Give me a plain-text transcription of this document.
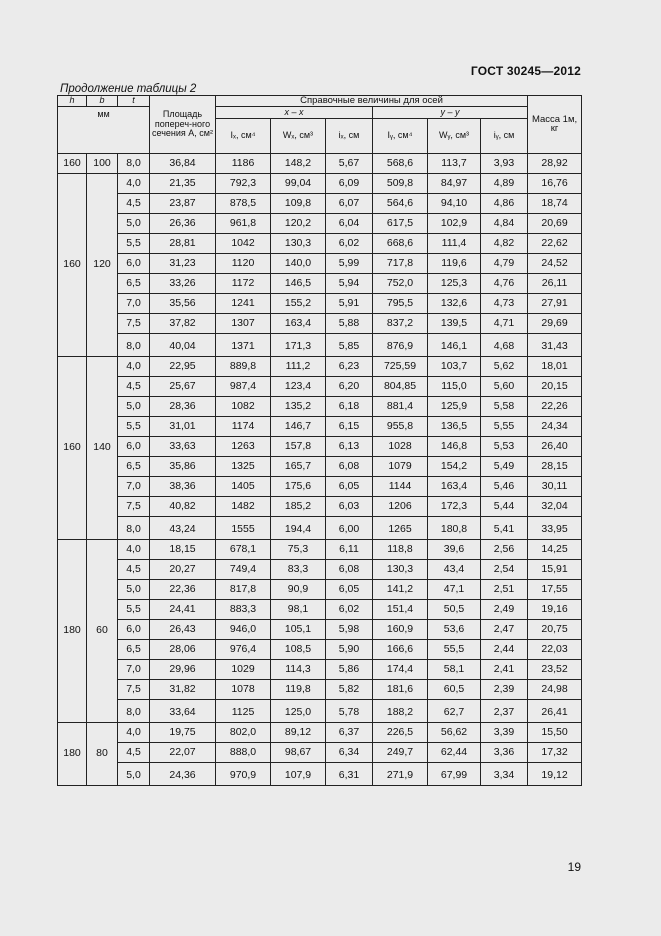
ГОСТ 30245—2012
Продолжение таблицы 2
h	b	t	Площадь попереч-ного сечения A, см²	Справочные величины для осей						Масса 1м, кг
мм				x – x			y – y			
				Iₓ, см⁴	Wₓ, см³	iₓ, см	Iᵧ, см⁴	Wᵧ, см³	iᵧ, см	
160	100	8,0	36,84	1186	148,2	5,67	568,6	113,7	3,93	28,92
160	120	4,0	21,35	792,3	99,04	6,09	509,8	84,97	4,89	16,76
		4,5	23,87	878,5	109,8	6,07	564,6	94,10	4,86	18,74
		5,0	26,36	961,8	120,2	6,04	617,5	102,9	4,84	20,69
		5,5	28,81	1042	130,3	6,02	668,6	111,4	4,82	22,62
		6,0	31,23	1120	140,0	5,99	717,8	119,6	4,79	24,52
		6,5	33,26	1172	146,5	5,94	752,0	125,3	4,76	26,11
		7,0	35,56	1241	155,2	5,91	795,5	132,6	4,73	27,91
		7,5	37,82	1307	163,4	5,88	837,2	139,5	4,71	29,69
		8,0	40,04	1371	171,3	5,85	876,9	146,1	4,68	31,43
160	140	4,0	22,95	889,8	111,2	6,23	725,59	103,7	5,62	18,01
		4,5	25,67	987,4	123,4	6,20	804,85	115,0	5,60	20,15
		5,0	28,36	1082	135,2	6,18	881,4	125,9	5,58	22,26
		5,5	31,01	1174	146,7	6,15	955,8	136,5	5,55	24,34
		6,0	33,63	1263	157,8	6,13	1028	146,8	5,53	26,40
		6,5	35,86	1325	165,7	6,08	1079	154,2	5,49	28,15
		7,0	38,36	1405	175,6	6,05	1144	163,4	5,46	30,11
		7,5	40,82	1482	185,2	6,03	1206	172,3	5,44	32,04
		8,0	43,24	1555	194,4	6,00	1265	180,8	5,41	33,95
180	60	4,0	18,15	678,1	75,3	6,11	118,8	39,6	2,56	14,25
		4,5	20,27	749,4	83,3	6,08	130,3	43,4	2,54	15,91
		5,0	22,36	817,8	90,9	6,05	141,2	47,1	2,51	17,55
		5,5	24,41	883,3	98,1	6,02	151,4	50,5	2,49	19,16
		6,0	26,43	946,0	105,1	5,98	160,9	53,6	2,47	20,75
		6,5	28,06	976,4	108,5	5,90	166,6	55,5	2,44	22,03
		7,0	29,96	1029	114,3	5,86	174,4	58,1	2,41	23,52
		7,5	31,82	1078	119,8	5,82	181,6	60,5	2,39	24,98
		8,0	33,64	1125	125,0	5,78	188,2	62,7	2,37	26,41
180	80	4,0	19,75	802,0	89,12	6,37	226,5	56,62	3,39	15,50
		4,5	22,07	888,0	98,67	6,34	249,7	62,44	3,36	17,32
		5,0	24,36	970,9	107,9	6,31	271,9	67,99	3,34	19,12
19
